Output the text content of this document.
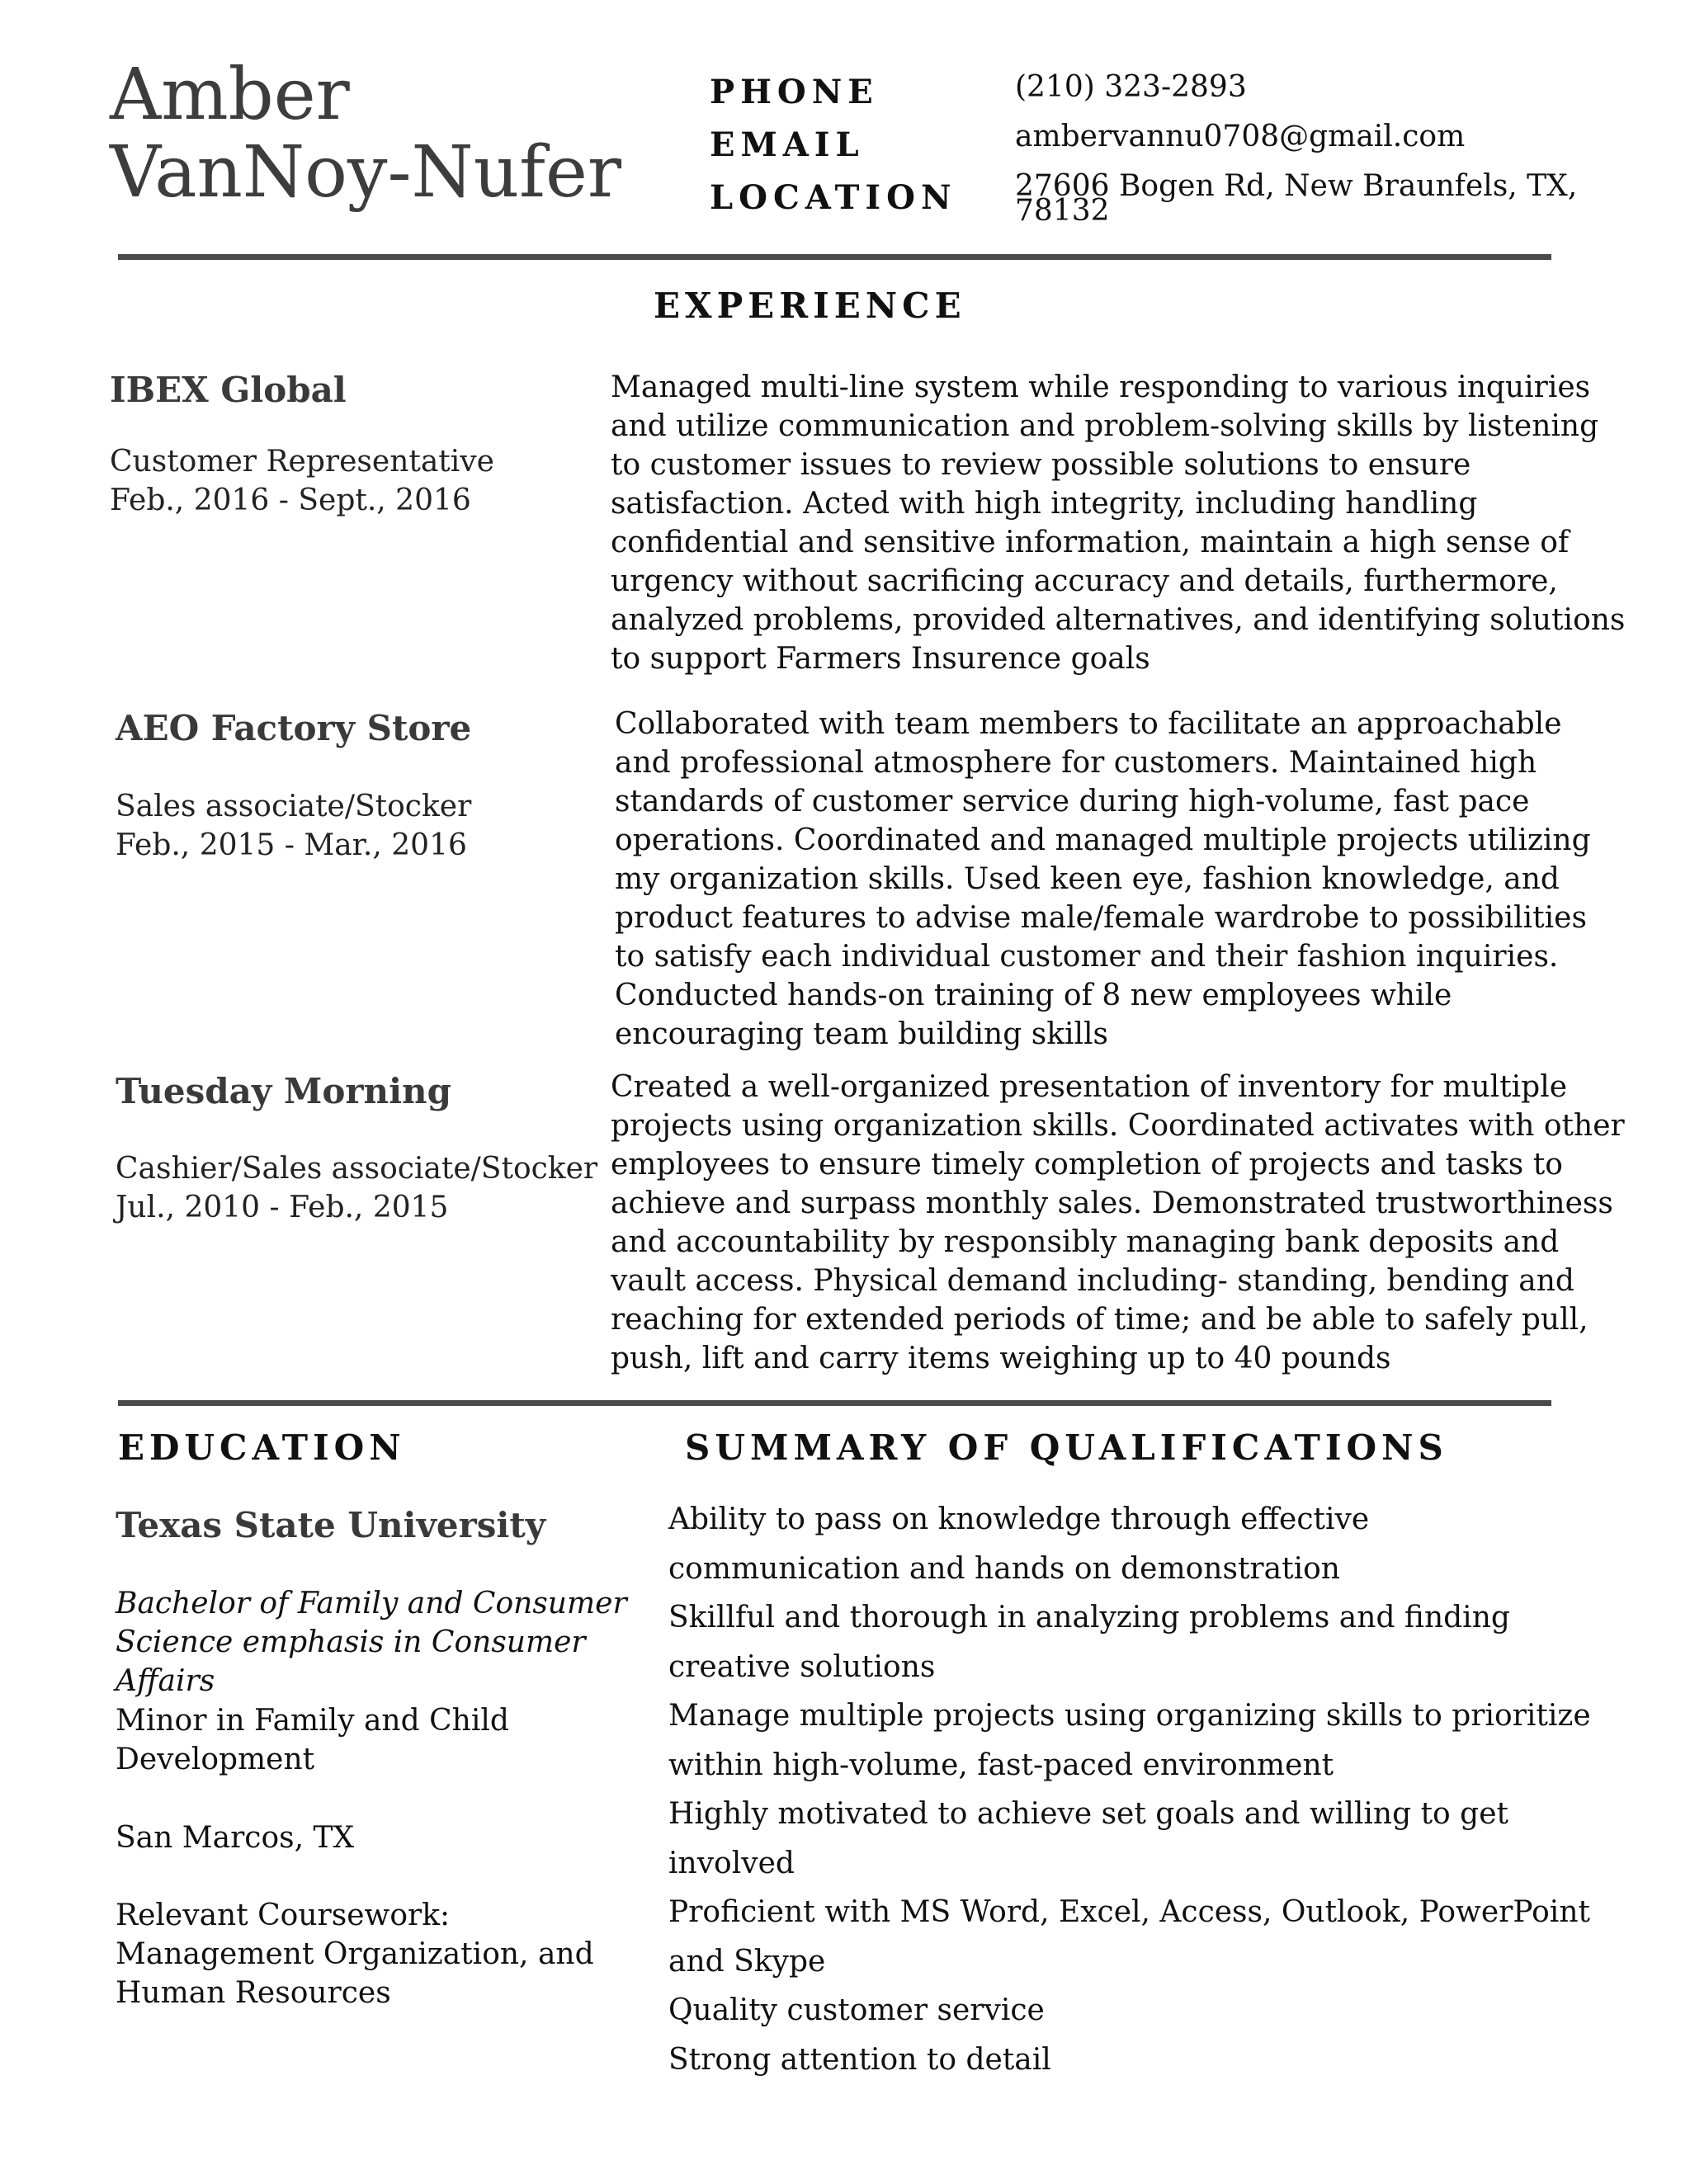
Amber
VanNoy-Nufer
PHONE
EMAIL
LOCATION
(210) 323-2893
ambervannu0708@gmail.com
27606 Bogen Rd, New Braunfels, TX,
78132
EXPERIENCE
IBEX Global
Customer Representative
Feb., 2016 - Sept., 2016
Managed multi-line system while responding to various inquiries and utilize communication and problem-solving skills by listening to customer issues to review possible solutions to ensure satisfaction. Acted with high integrity, including handling confidential and sensitive information, maintain a high sense of urgency without sacrificing accuracy and details, furthermore, analyzed problems, provided alternatives, and identifying solutions to support Farmers Insurence goals
AEO Factory Store
Sales associate/Stocker
Feb., 2015 - Mar., 2016
Collaborated with team members to facilitate an approachable and professional atmosphere for customers. Maintained high standards of customer service during high-volume, fast pace operations. Coordinated and managed multiple projects utilizing my organization skills. Used keen eye, fashion knowledge, and product features to advise male/female wardrobe to possibilities to satisfy each individual customer and their fashion inquiries. Conducted hands-on training of 8 new employees while encouraging team building skills
Tuesday Morning
Cashier/Sales associate/Stocker
Jul., 2010 - Feb., 2015
Created a well-organized presentation of inventory for multiple projects using organization skills. Coordinated activates with other employees to ensure timely completion of projects and tasks to achieve and surpass monthly sales. Demonstrated trustworthiness and accountability by responsibly managing bank deposits and vault access. Physical demand including- standing, bending and reaching for extended periods of time; and be able to safely pull, push, lift and carry items weighing up to 40 pounds
EDUCATION
Texas State University
Bachelor of Family and Consumer Science emphasis in Consumer Affairs
Minor in Family and Child Development
San Marcos, TX
Relevant Coursework: Management Organization, and Human Resources
SUMMARY OF QUALIFICATIONS
Ability to pass on knowledge through effective communication and hands on demonstration
Skillful and thorough in analyzing problems and finding creative solutions
Manage multiple projects using organizing skills to prioritize within high-volume, fast-paced environment
Highly motivated to achieve set goals and willing to get involved
Proficient with MS Word, Excel, Access, Outlook, PowerPoint and Skype
Quality customer service
Strong attention to detail
